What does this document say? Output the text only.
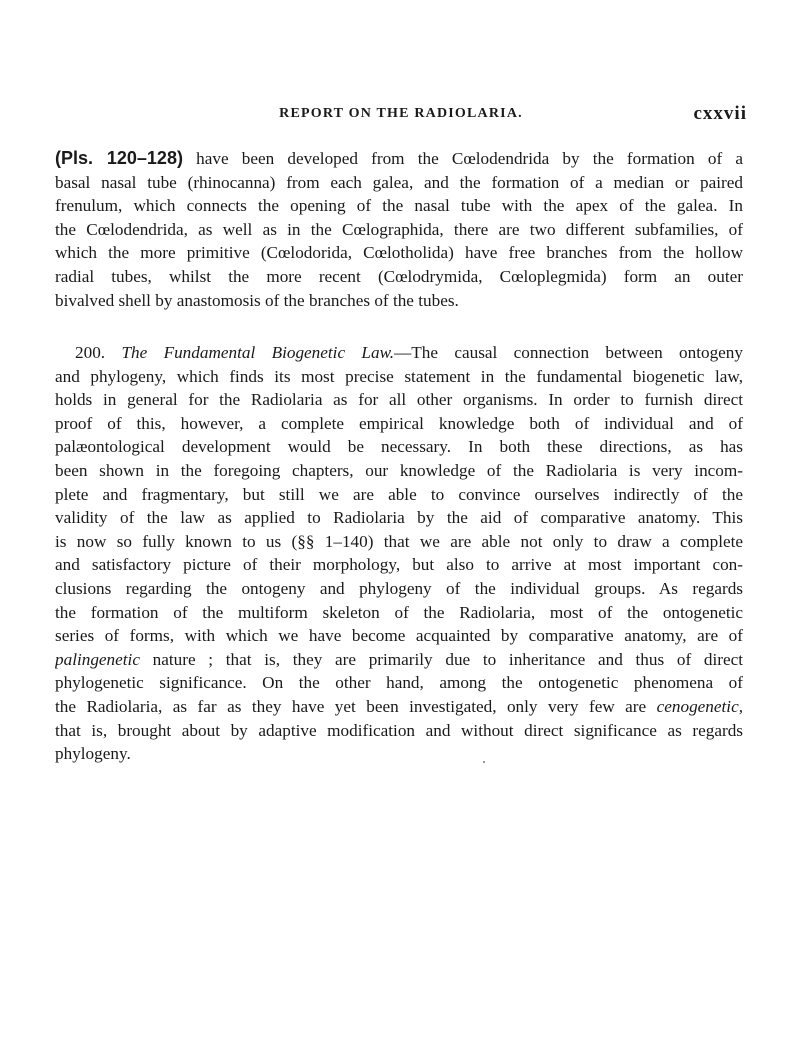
REPORT ON THE RADIOLARIA.	cxxvii
(Pls. 120–128) have been developed from the Cœlodendrida by the formation of a
basal nasal tube (rhinocanna) from each galea, and the formation of a median or paired
frenulum, which connects the opening of the nasal tube with the apex of the galea. In
the Cœlodendrida, as well as in the Cœlographida, there are two different subfamilies, of
which the more primitive (Cœlodorida, Cœlotholida) have free branches from the hollow
radial tubes, whilst the more recent (Cœlodrymida, Cœloplegmida) form an outer
bivalved shell by anastomosis of the branches of the tubes.
200. The Fundamental Biogenetic Law.—The causal connection between ontogeny
and phylogeny, which finds its most precise statement in the fundamental biogenetic law,
holds in general for the Radiolaria as for all other organisms. In order to furnish direct
proof of this, however, a complete empirical knowledge both of individual and of
palæontological development would be necessary. In both these directions, as has
been shown in the foregoing chapters, our knowledge of the Radiolaria is very incom-
plete and fragmentary, but still we are able to convince ourselves indirectly of the
validity of the law as applied to Radiolaria by the aid of comparative anatomy. This
is now so fully known to us (§§ 1–140) that we are able not only to draw a complete
and satisfactory picture of their morphology, but also to arrive at most important con-
clusions regarding the ontogeny and phylogeny of the individual groups. As regards
the formation of the multiform skeleton of the Radiolaria, most of the ontogenetic
series of forms, with which we have become acquainted by comparative anatomy, are of
palingenetic nature ; that is, they are primarily due to inheritance and thus of direct
phylogenetic significance. On the other hand, among the ontogenetic phenomena of
the Radiolaria, as far as they have yet been investigated, only very few are cenogenetic,
that is, brought about by adaptive modification and without direct significance as regards
phylogeny.
